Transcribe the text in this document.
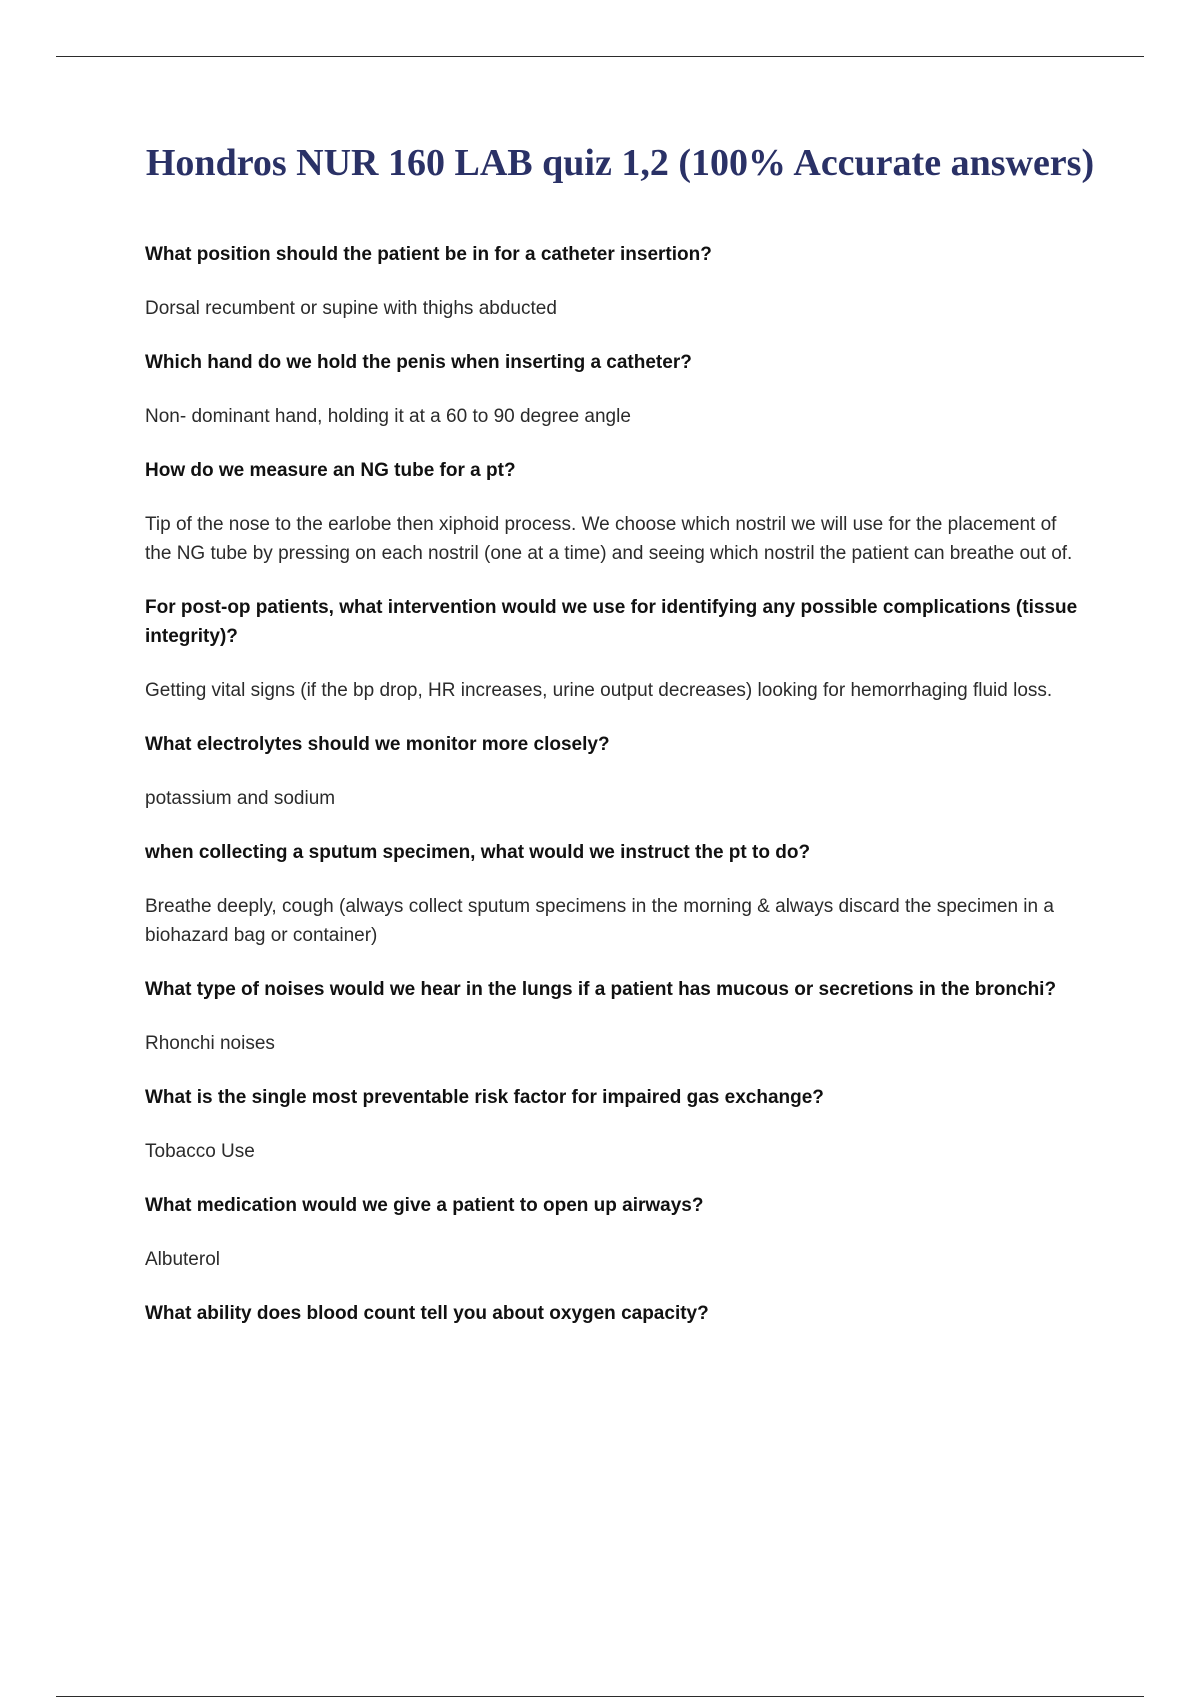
Hondros NUR 160 LAB quiz 1,2 (100% Accurate answers)

What position should the patient be in for a catheter insertion?

Dorsal recumbent or supine with thighs abducted

Which hand do we hold the penis when inserting a catheter?

Non- dominant hand, holding it at a 60 to 90 degree angle

How do we measure an NG tube for a pt?

Tip of the nose to the earlobe then xiphoid process. We choose which nostril we will use for the placement of the NG tube by pressing on each nostril (one at a time) and seeing which nostril the patient can breathe out of.

For post-op patients, what intervention would we use for identifying any possible complications (tissue integrity)?

Getting vital signs (if the bp drop, HR increases, urine output decreases) looking for hemorrhaging fluid loss.

What electrolytes should we monitor more closely?

potassium and sodium

when collecting a sputum specimen, what would we instruct the pt to do?

Breathe deeply, cough (always collect sputum specimens in the morning & always discard the specimen in a biohazard bag or container)

What type of noises would we hear in the lungs if a patient has mucous or secretions in the bronchi?

Rhonchi noises

What is the single most preventable risk factor for impaired gas exchange?

Tobacco Use

What medication would we give a patient to open up airways?

Albuterol

What ability does blood count tell you about oxygen capacity?
